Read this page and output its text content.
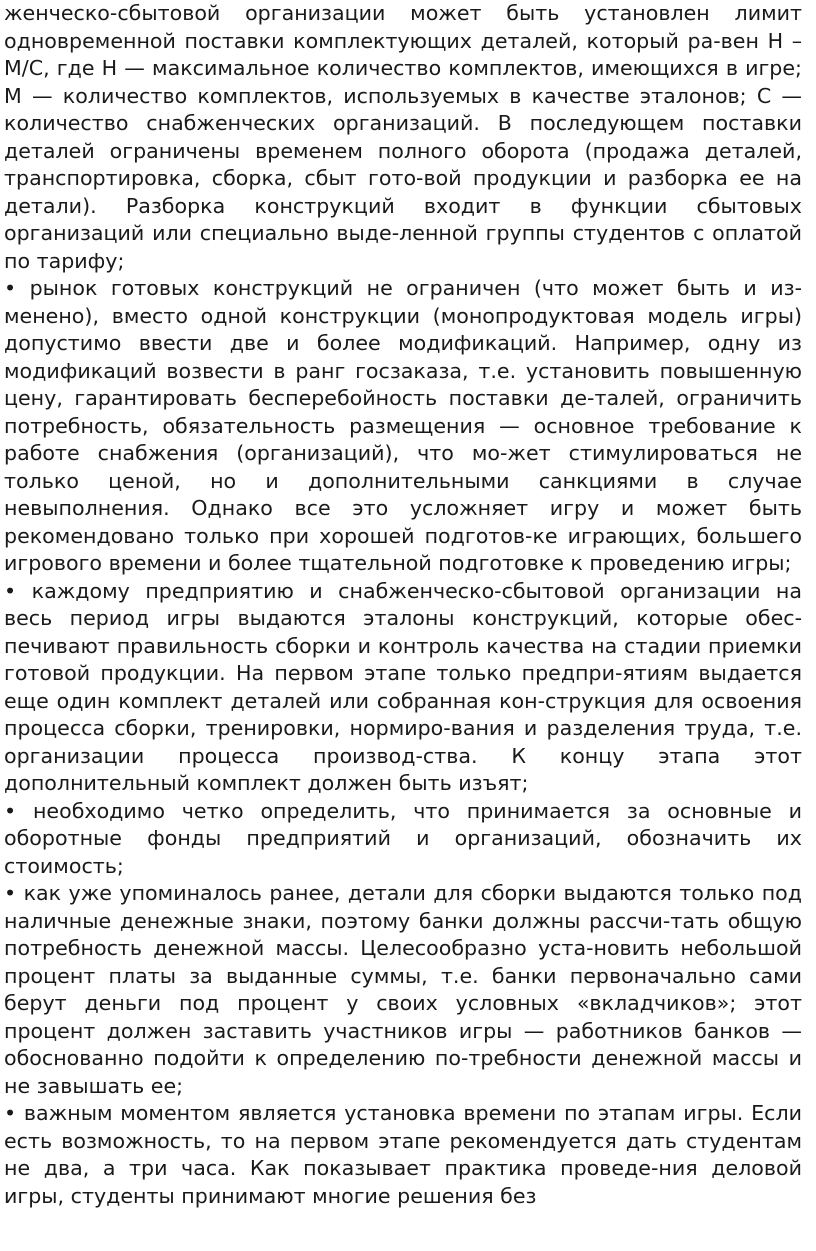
женческо-сбытовой организации может быть установлен лимит одновременной поставки комплектующих деталей, который ра-вен Н – М/С, где Н — максимальное количество комплектов, имеющихся в игре; М — количество комплектов, используемых в качестве эталонов; С — количество снабженческих организаций. В последующем поставки деталей ограничены временем полного оборота (продажа деталей, транспортировка, сборка, сбыт гото-вой продукции и разборка ее на детали). Разборка конструкций входит в функции сбытовых организаций или специально выде-ленной группы студентов с оплатой по тарифу;

• рынок готовых конструкций не ограничен (что может быть и из-менено), вместо одной конструкции (монопродуктовая модель игры) допустимо ввести две и более модификаций. Например, одну из модификаций возвести в ранг госзаказа, т.е. установить повышенную цену, гарантировать бесперебойность поставки де-талей, ограничить потребность, обязательность размещения — основное требование к работе снабжения (организаций), что мо-жет стимулироваться не только ценой, но и дополнительными санкциями в случае невыполнения. Однако все это усложняет игру и может быть рекомендовано только при хорошей подготов-ке играющих, большего игрового времени и более тщательной подготовке к проведению игры;

• каждому предприятию и снабженческо-сбытовой организации на весь период игры выдаются эталоны конструкций, которые обес-печивают правильность сборки и контроль качества на стадии приемки готовой продукции. На первом этапе только предпри-ятиям выдается еще один комплект деталей или собранная кон-струкция для освоения процесса сборки, тренировки, нормиро-вания и разделения труда, т.е. организации процесса производ-ства. К концу этапа этот дополнительный комплект должен быть изъят;

• необходимо четко определить, что принимается за основные и оборотные фонды предприятий и организаций, обозначить их стоимость;

• как уже упоминалось ранее, детали для сборки выдаются только под наличные денежные знаки, поэтому банки должны рассчи-тать общую потребность денежной массы. Целесообразно уста-новить небольшой процент платы за выданные суммы, т.е. банки первоначально сами берут деньги под процент у своих условных «вкладчиков»; этот процент должен заставить участников игры — работников банков — обоснованно подойти к определению по-требности денежной массы и не завышать ее;

• важным моментом является установка времени по этапам игры. Если есть возможность, то на первом этапе рекомендуется дать студентам не два, а три часа. Как показывает практика проведе-ния деловой игры, студенты принимают многие решения без
